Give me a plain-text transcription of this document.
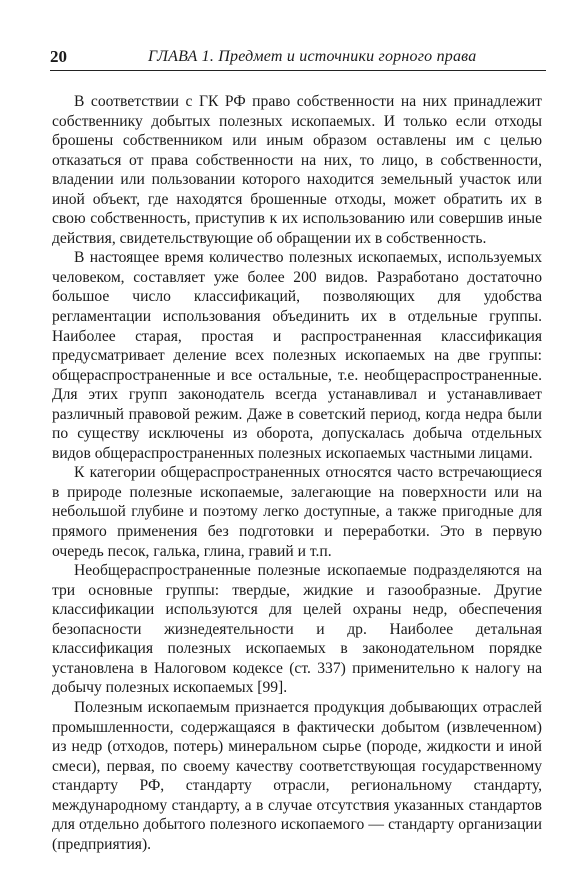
20	ГЛАВА 1. Предмет и источники горного права

В соответствии с ГК РФ право собственности на них принадлежит собственнику добытых полезных ископаемых. И только если отходы брошены собственником или иным образом оставлены им с целью отказаться от права собственности на них, то лицо, в собственности, владении или пользовании которого находится земельный участок или иной объект, где находятся брошенные отходы, может обратить их в свою собственность, приступив к их использованию или совершив иные действия, свидетельствующие об обращении их в собственность.

В настоящее время количество полезных ископаемых, используемых человеком, составляет уже более 200 видов. Разработано достаточно большое число классификаций, позволяющих для удобства регламентации использования объединить их в отдельные группы. Наиболее старая, простая и распространенная классификация предусматривает деление всех полезных ископаемых на две группы: общераспространенные и все остальные, т.е. необщераспространенные. Для этих групп законодатель всегда устанавливал и устанавливает различный правовой режим. Даже в советский период, когда недра были по существу исключены из оборота, допускалась добыча отдельных видов общераспространенных полезных ископаемых частными лицами.

К категории общераспространенных относятся часто встречающиеся в природе полезные ископаемые, залегающие на поверхности или на небольшой глубине и поэтому легко доступные, а также пригодные для прямого применения без подготовки и переработки. Это в первую очередь песок, галька, глина, гравий и т.п.

Необщераспространенные полезные ископаемые подразделяются на три основные группы: твердые, жидкие и газообразные. Другие классификации используются для целей охраны недр, обеспечения безопасности жизнедеятельности и др. Наиболее детальная классификация полезных ископаемых в законодательном порядке установлена в Налоговом кодексе (ст. 337) применительно к налогу на добычу полезных ископаемых [99].

Полезным ископаемым признается продукция добывающих отраслей промышленности, содержащаяся в фактически добытом (извлеченном) из недр (отходов, потерь) минеральном сырье (породе, жидкости и иной смеси), первая, по своему качеству соответствующая государственному стандарту РФ, стандарту отрасли, региональному стандарту, международному стандарту, а в случае отсутствия указанных стандартов для отдельно добытого полезного ископаемого — стандарту организации (предприятия).
